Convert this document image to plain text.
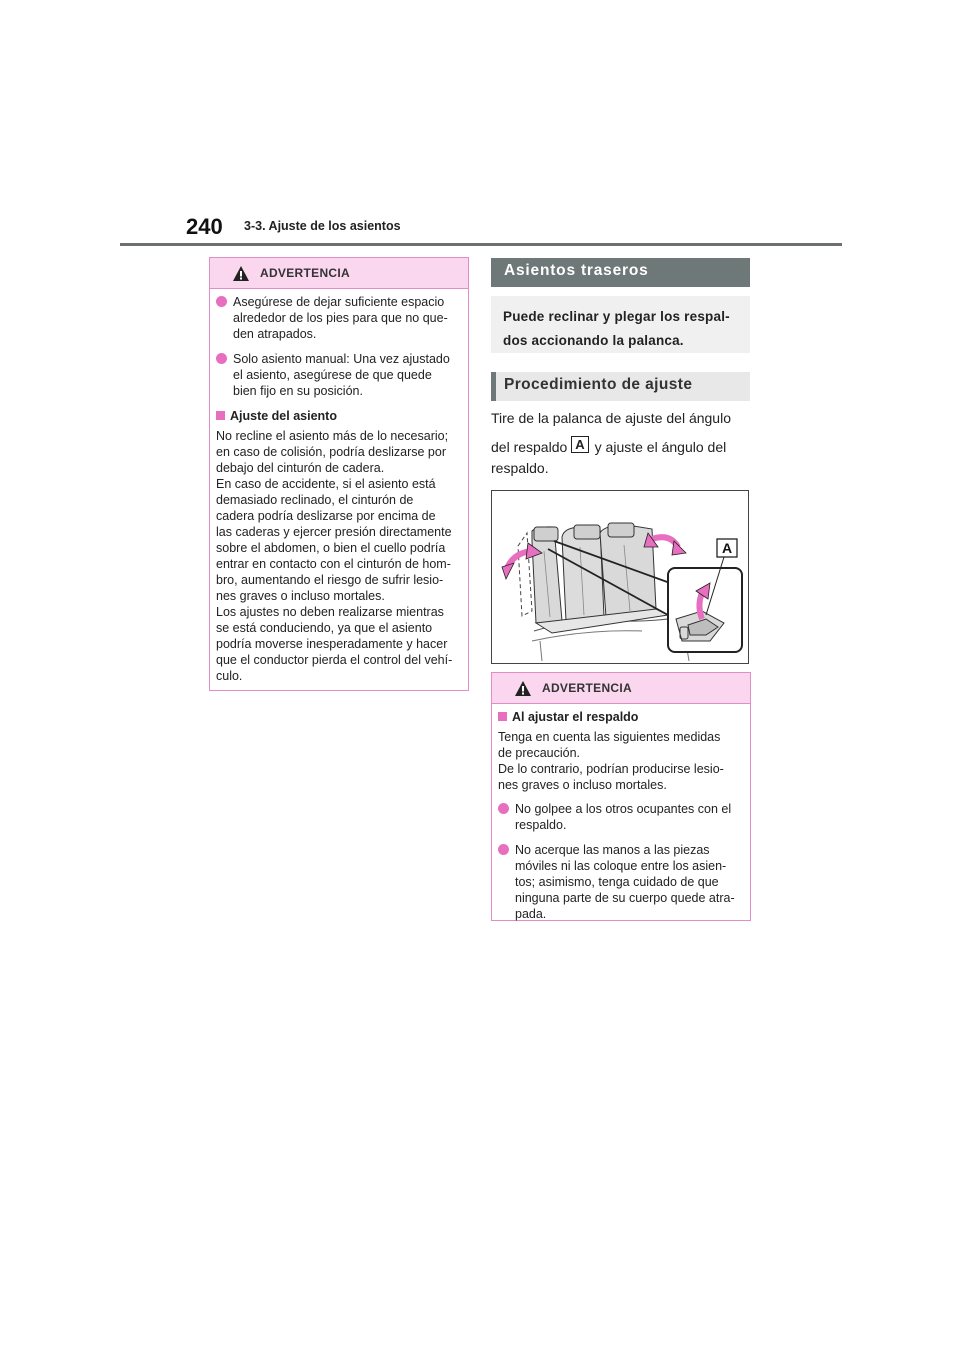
240 3-3. Ajuste de los asientos
ADVERTENCIA
Asegúrese de dejar suficiente espacio
alrededor de los pies para que no que-
den atrapados.
Solo asiento manual: Una vez ajustado
el asiento, asegúrese de que quede
bien fijo en su posición.
Ajuste del asiento
No recline el asiento más de lo necesario;
en caso de colisión, podría deslizarse por
debajo del cinturón de cadera.
En caso de accidente, si el asiento está
demasiado reclinado, el cinturón de
cadera podría deslizarse por encima de
las caderas y ejercer presión directamente
sobre el abdomen, o bien el cuello podría
entrar en contacto con el cinturón de hom-
bro, aumentando el riesgo de sufrir lesio-
nes graves o incluso mortales.
Los ajustes no deben realizarse mientras
se está conduciendo, ya que el asiento
podría moverse inesperadamente y hacer
que el conductor pierda el control del vehí-
culo.
Asientos traseros
Puede reclinar y plegar los respal-
dos accionando la palanca.
Procedimiento de ajuste
Tire de la palanca de ajuste del ángulo
del respaldo A y ajuste el ángulo del
respaldo.
A
ADVERTENCIA
Al ajustar el respaldo
Tenga en cuenta las siguientes medidas
de precaución.
De lo contrario, podrían producirse lesio-
nes graves o incluso mortales.
No golpee a los otros ocupantes con el
respaldo.
No acerque las manos a las piezas
móviles ni las coloque entre los asien-
tos; asimismo, tenga cuidado de que
ninguna parte de su cuerpo quede atra-
pada.
